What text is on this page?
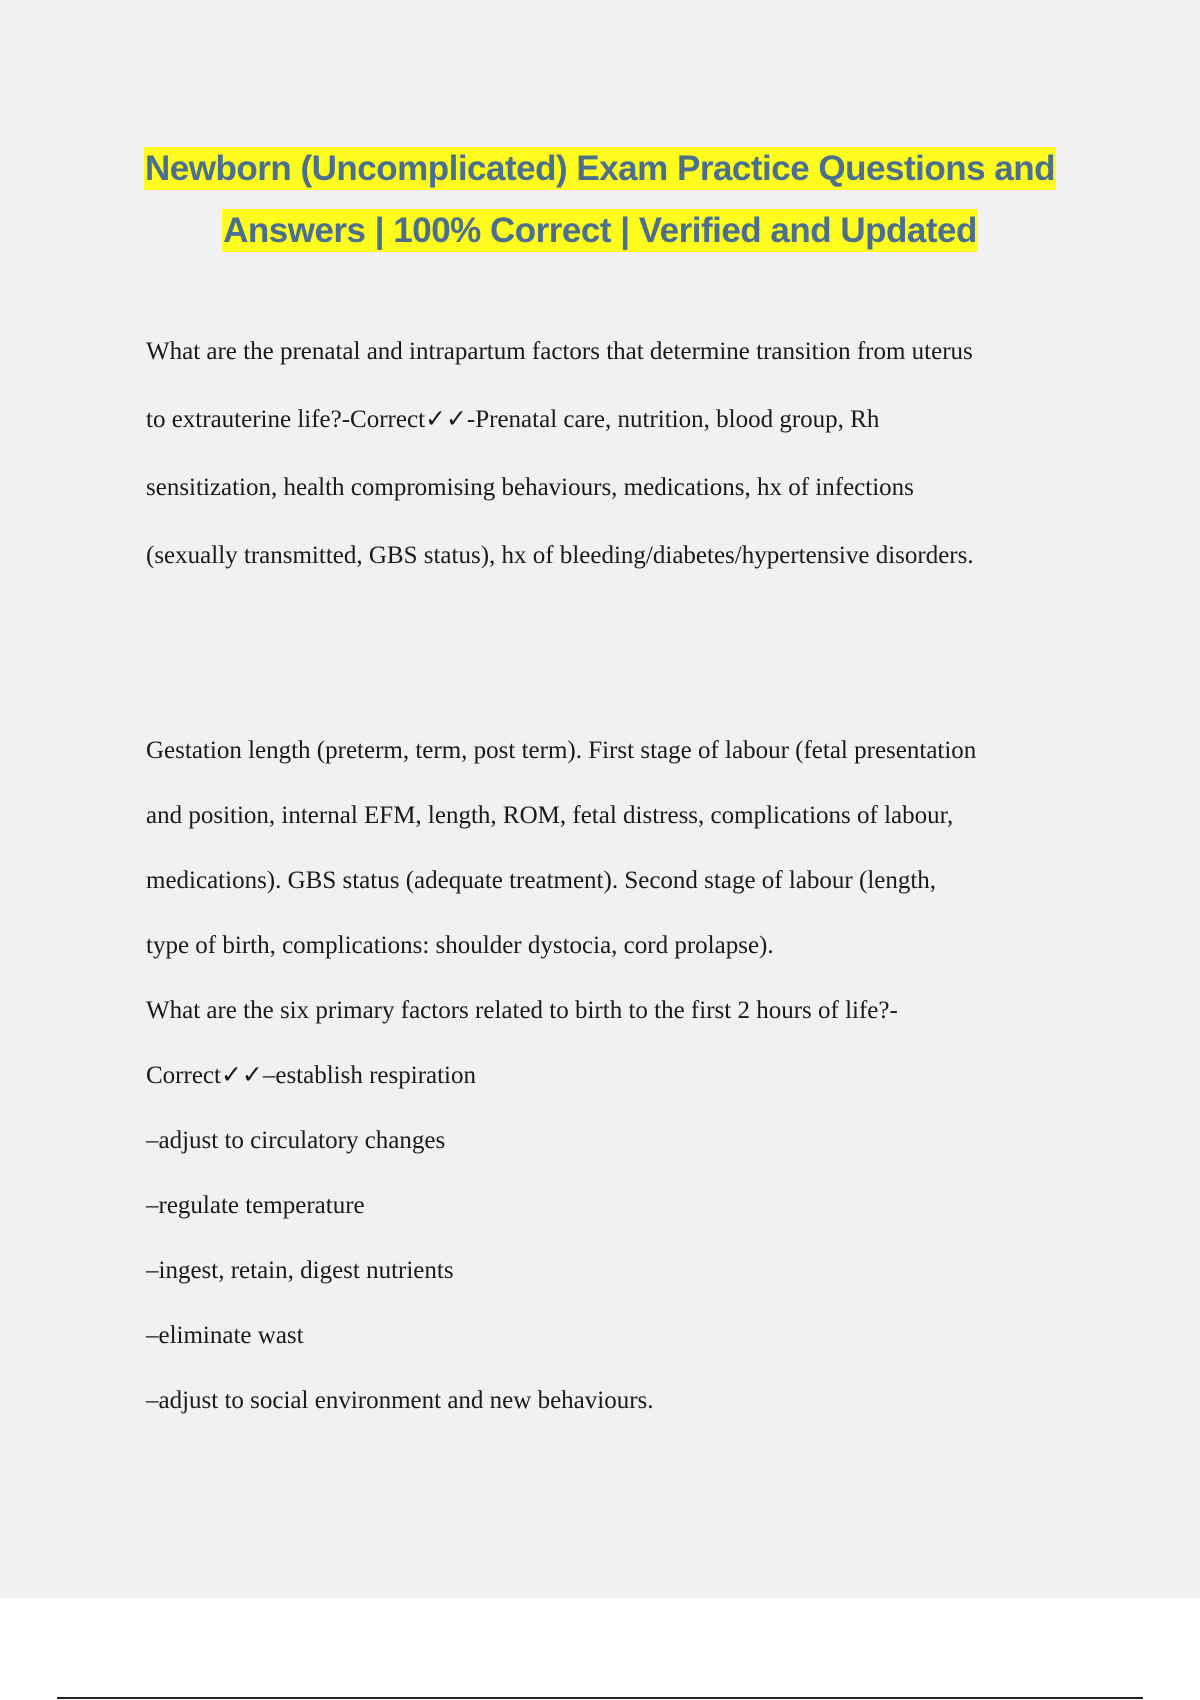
Newborn (Uncomplicated) Exam Practice Questions and
Answers | 100% Correct | Verified and Updated
What are the prenatal and intrapartum factors that determine transition from uterus
to extrauterine life?-Correct✓✓-Prenatal care, nutrition, blood group, Rh
sensitization, health compromising behaviours, medications, hx of infections
(sexually transmitted, GBS status), hx of bleeding/diabetes/hypertensive disorders.
Gestation length (preterm, term, post term). First stage of labour (fetal presentation
and position, internal EFM, length, ROM, fetal distress, complications of labour,
medications). GBS status (adequate treatment). Second stage of labour (length,
type of birth, complications: shoulder dystocia, cord prolapse).
What are the six primary factors related to birth to the first 2 hours of life?-
Correct✓✓–establish respiration
–adjust to circulatory changes
–regulate temperature
–ingest, retain, digest nutrients
–eliminate wast
–adjust to social environment and new behaviours.
